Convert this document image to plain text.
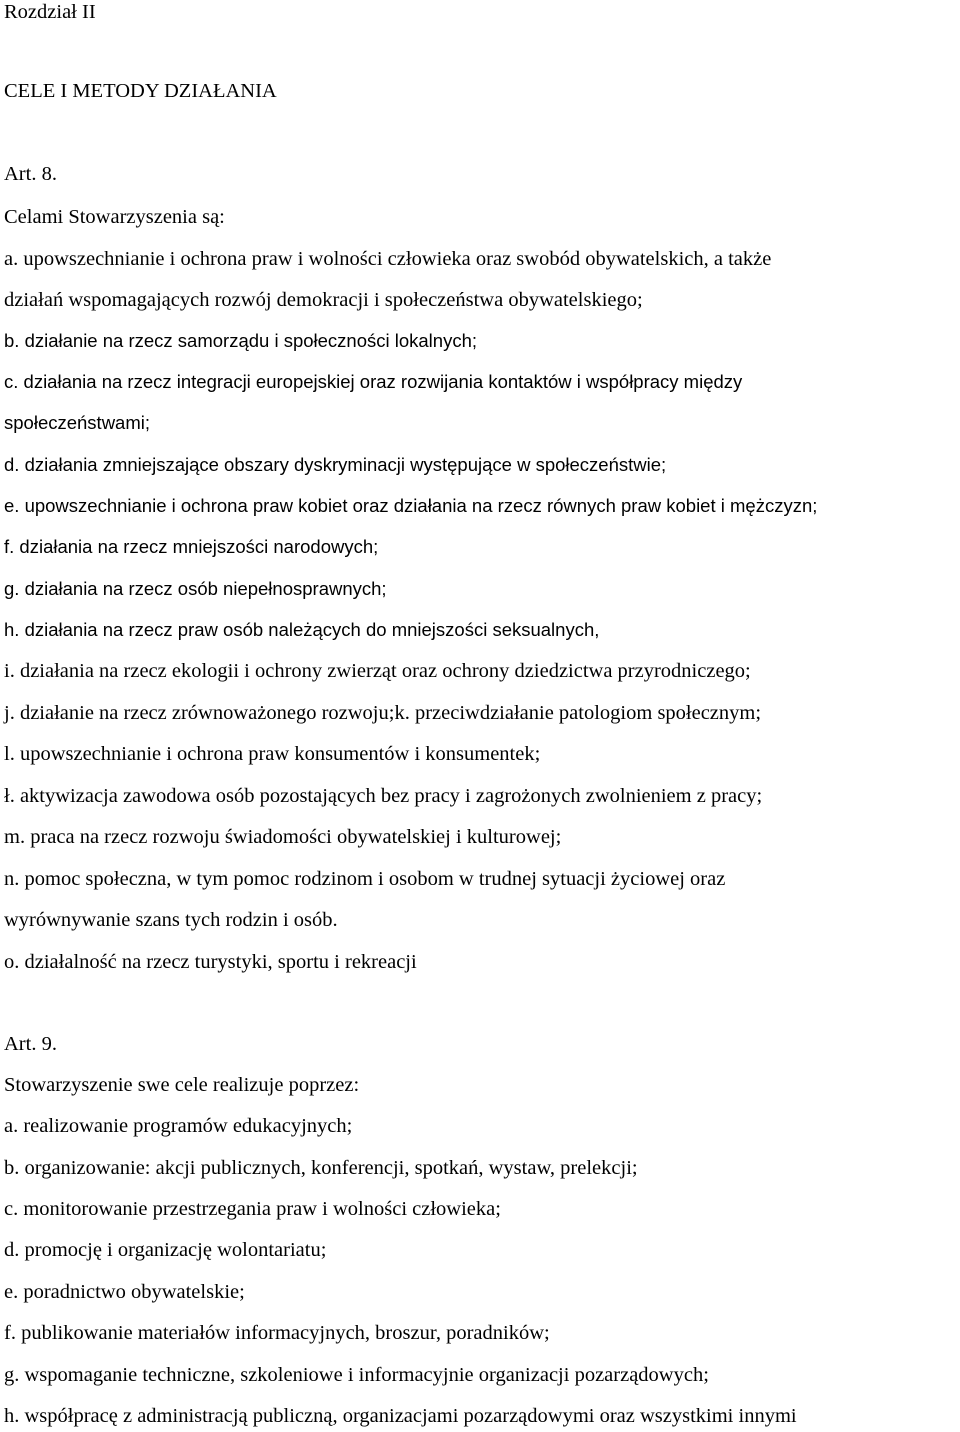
Rozdział II
CELE I METODY DZIAŁANIA
Art. 8.
Celami Stowarzyszenia są:
a. upowszechnianie i ochrona praw i wolności człowieka oraz swobód obywatelskich, a także
działań wspomagających rozwój demokracji i społeczeństwa obywatelskiego;
b. działanie na rzecz samorządu i społeczności lokalnych;
c. działania na rzecz integracji europejskiej oraz rozwijania kontaktów i współpracy między
społeczeństwami;
d. działania zmniejszające obszary dyskryminacji występujące w społeczeństwie;
e. upowszechnianie i ochrona praw kobiet oraz działania na rzecz równych praw kobiet i mężczyzn;
f. działania na rzecz mniejszości narodowych;
g. działania na rzecz osób niepełnosprawnych;
h. działania na rzecz praw osób należących do mniejszości seksualnych,
i. działania na rzecz ekologii i ochrony zwierząt oraz ochrony dziedzictwa przyrodniczego;
j. działanie na rzecz zrównoważonego rozwoju;k. przeciwdziałanie patologiom społecznym;
l. upowszechnianie i ochrona praw konsumentów i konsumentek;
ł. aktywizacja zawodowa osób pozostających bez pracy i zagrożonych zwolnieniem z pracy;
m. praca na rzecz rozwoju świadomości obywatelskiej i kulturowej;
n. pomoc społeczna, w tym pomoc rodzinom i osobom w trudnej sytuacji życiowej oraz
wyrównywanie szans tych rodzin i osób.
o. działalność na rzecz turystyki, sportu i rekreacji
Art. 9.
Stowarzyszenie swe cele realizuje poprzez:
a. realizowanie programów edukacyjnych;
b. organizowanie: akcji publicznych, konferencji, spotkań, wystaw, prelekcji;
c. monitorowanie przestrzegania praw i wolności człowieka;
d. promocję i organizację wolontariatu;
e. poradnictwo obywatelskie;
f. publikowanie materiałów informacyjnych, broszur, poradników;
g. wspomaganie techniczne, szkoleniowe i informacyjnie organizacji pozarządowych;
h. współpracę z administracją publiczną, organizacjami pozarządowymi oraz wszystkimi innymi
